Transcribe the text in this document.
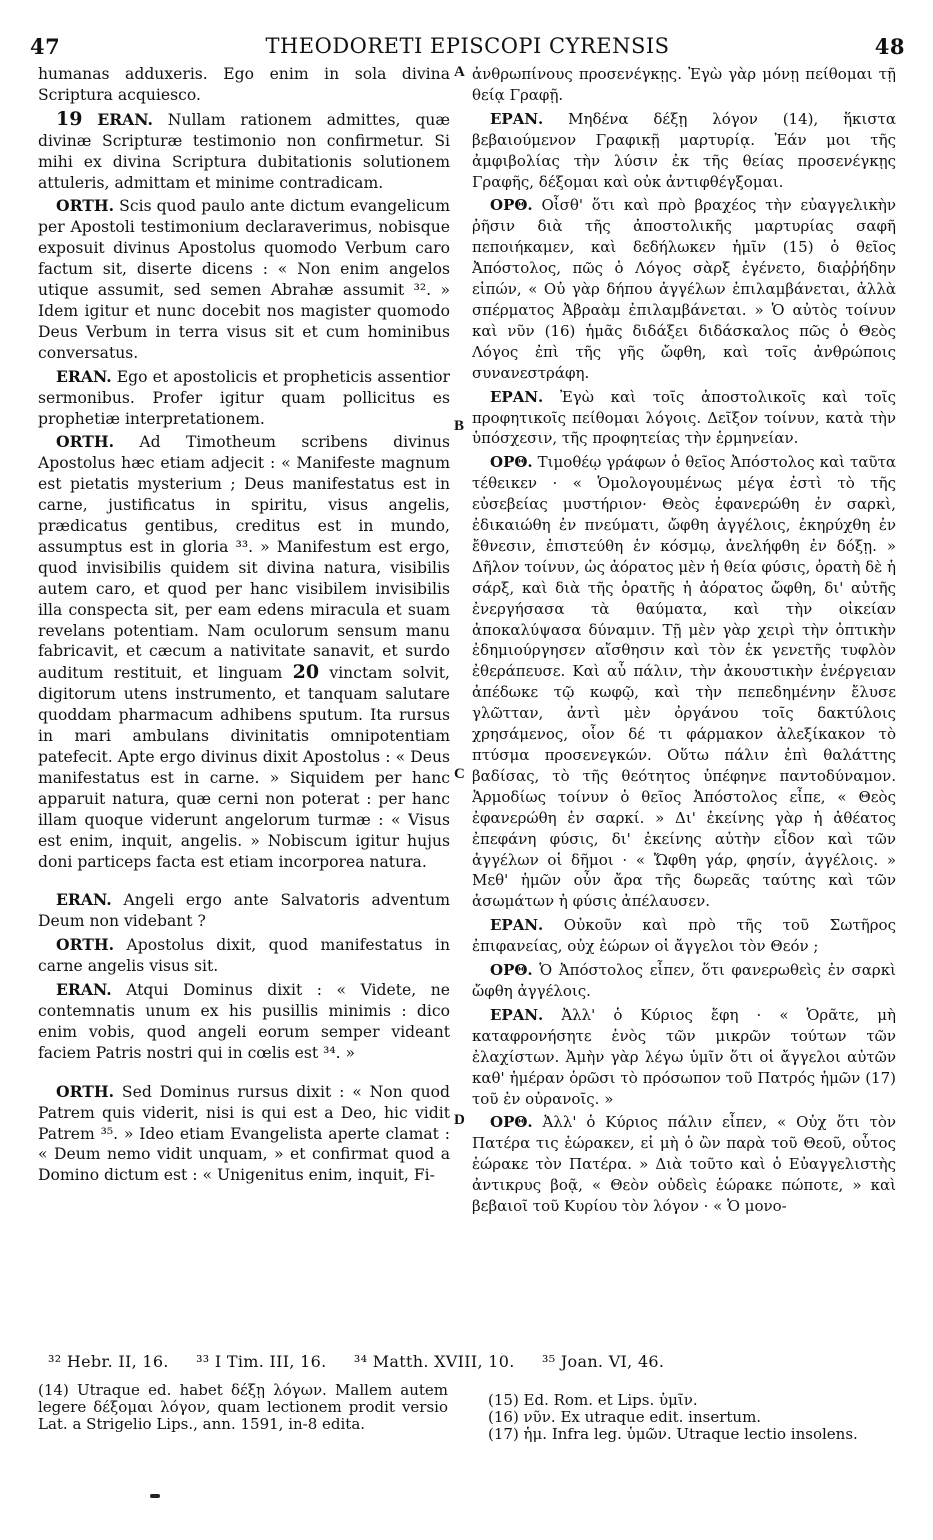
47	THEODORETI EPISCOPI CYRENSIS	48

humanas adduxeris. Ego enim in sola divina Scriptura acquiesco.

19 ERAN. Nullam rationem admittes, quæ divinæ Scripturæ testimonio non confirmetur. Si mihi ex divina Scriptura dubitationis solutionem attuleris, admittam et minime contradicam.

ORTH. Scis quod paulo ante dictum evangelicum per Apostoli testimonium declaraverimus, nobisque exposuit divinus Apostolus quomodo Verbum caro factum sit, diserte dicens : « Non enim angelos utique assumit, sed semen Abrahæ assumit ³². » Idem igitur et nunc docebit nos magister quomodo Deus Verbum in terra visus sit et cum hominibus conversatus.

ERAN. Ego et apostolicis et propheticis assentior sermonibus. Profer igitur quam pollicitus es prophetiæ interpretationem.

ORTH. Ad Timotheum scribens divinus Apostolus hæc etiam adjecit : « Manifeste magnum est pietatis mysterium ; Deus manifestatus est in carne, justificatus in spiritu, visus angelis, prædicatus gentibus, creditus est in mundo, assumptus est in gloria ³³. » Manifestum est ergo, quod invisibilis quidem sit divina natura, visibilis autem caro, et quod per hanc visibilem invisibilis illa conspecta sit, per eam edens miracula et suam revelans potentiam. Nam oculorum sensum manu fabricavit, et cæcum a nativitate sanavit, et surdo auditum restituit, et linguam 20 vinctam solvit, digitorum utens instrumento, et tanquam salutare quoddam pharmacum adhibens sputum. Ita rursus in mari ambulans divinitatis omnipotentiam patefecit. Apte ergo divinus dixit Apostolus : « Deus manifestatus est in carne. » Siquidem per hanc apparuit natura, quæ cerni non poterat : per hanc illam quoque viderunt angelorum turmæ : « Visus est enim, inquit, angelis. » Nobiscum igitur hujus doni particeps facta est etiam incorporea natura.

ERAN. Angeli ergo ante Salvatoris adventum Deum non videbant ?

ORTH. Apostolus dixit, quod manifestatus in carne angelis visus sit.

ERAN. Atqui Dominus dixit : « Videte, ne contemnatis unum ex his pusillis minimis : dico enim vobis, quod angeli eorum semper videant faciem Patris nostri qui in cœlis est ³⁴. »

ORTH. Sed Dominus rursus dixit : « Non quod Patrem quis viderit, nisi is qui est a Deo, hic vidit Patrem ³⁵. » Ideo etiam Evangelista aperte clamat : « Deum nemo vidit unquam, » et confirmat quod a Domino dictum est : « Unigenitus enim, inquit, Fi-

A
B
C
D

ἀνθρωπίνους προσενέγκῃς. Ἐγὼ γὰρ μόνῃ πείθομαι τῇ θείᾳ Γραφῇ.

ΕΡΑΝ. Μηδένα δέξῃ λόγον (14), ἥκιστα βεβαιούμενον Γραφικῇ μαρτυρίᾳ. Ἐάν μοι τῆς ἀμφιβολίας τὴν λύσιν ἐκ τῆς θείας προσενέγκῃς Γραφῆς, δέξομαι καὶ οὐκ ἀντιφθέγξομαι.

ΟΡΘ. Οἶσθ' ὅτι καὶ πρὸ βραχέος τὴν εὐαγγελικὴν ῥῆσιν διὰ τῆς ἀποστολικῆς μαρτυρίας σαφῆ πεποιήκαμεν, καὶ δεδήλωκεν ἡμῖν (15) ὁ θεῖος Ἀπόστολος, πῶς ὁ Λόγος σὰρξ ἐγένετο, διαῤῥήδην εἰπών, « Οὐ γὰρ δήπου ἀγγέλων ἐπιλαμβάνεται, ἀλλὰ σπέρματος Ἀβραὰμ ἐπιλαμβάνεται. » Ὁ αὐτὸς τοίνυν καὶ νῦν (16) ἡμᾶς διδάξει διδάσκαλος πῶς ὁ Θεὸς Λόγος ἐπὶ τῆς γῆς ὤφθη, καὶ τοῖς ἀνθρώποις συνανεστράφη.

ΕΡΑΝ. Ἐγὼ καὶ τοῖς ἀποστολικοῖς καὶ τοῖς προφητικοῖς πείθομαι λόγοις. Δεῖξον τοίνυν, κατὰ τὴν ὑπόσχεσιν, τῆς προφητείας τὴν ἑρμηνείαν.

ΟΡΘ. Τιμοθέῳ γράφων ὁ θεῖος Ἀπόστολος καὶ ταῦτα τέθεικεν · « Ὁμολογουμένως μέγα ἐστὶ τὸ τῆς εὐσεβείας μυστήριον· Θεὸς ἐφανερώθη ἐν σαρκὶ, ἐδικαιώθη ἐν πνεύματι, ὤφθη ἀγγέλοις, ἐκηρύχθη ἐν ἔθνεσιν, ἐπιστεύθη ἐν κόσμῳ, ἀνελήφθη ἐν δόξῃ. » Δῆλον τοίνυν, ὡς ἀόρατος μὲν ἡ θεία φύσις, ὁρατὴ δὲ ἡ σάρξ, καὶ διὰ τῆς ὁρατῆς ἡ ἀόρατος ὤφθη, δι' αὐτῆς ἐνεργήσασα τὰ θαύματα, καὶ τὴν οἰκείαν ἀποκαλύψασα δύναμιν. Τῇ μὲν γὰρ χειρὶ τὴν ὀπτικὴν ἐδημιούργησεν αἴσθησιν καὶ τὸν ἐκ γενετῆς τυφλὸν ἐθεράπευσε. Καὶ αὖ πάλιν, τὴν ἀκουστικὴν ἐνέργειαν ἀπέδωκε τῷ κωφῷ, καὶ τὴν πεπεδημένην ἔλυσε γλῶτταν, ἀντὶ μὲν ὀργάνου τοῖς δακτύλοις χρησάμενος, οἷον δέ τι φάρμακον ἀλεξίκακον τὸ πτύσμα προσενεγκών. Οὕτω πάλιν ἐπὶ θαλάττης βαδίσας, τὸ τῆς θεότητος ὑπέφηνε παντοδύναμον. Ἁρμοδίως τοίνυν ὁ θεῖος Ἀπόστολος εἶπε, « Θεὸς ἐφανερώθη ἐν σαρκί. » Δι' ἐκείνης γὰρ ἡ ἀθέατος ἐπεφάνη φύσις, δι' ἐκείνης αὐτὴν εἶδον καὶ τῶν ἀγγέλων οἱ δῆμοι · « Ὤφθη γάρ, φησίν, ἀγγέλοις. » Μεθ' ἡμῶν οὖν ἄρα τῆς δωρεᾶς ταύτης καὶ τῶν ἀσωμάτων ἡ φύσις ἀπέλαυσεν.

ΕΡΑΝ. Οὐκοῦν καὶ πρὸ τῆς τοῦ Σωτῆρος ἐπιφανείας, οὐχ ἑώρων οἱ ἄγγελοι τὸν Θεόν ;

ΟΡΘ. Ὁ Ἀπόστολος εἶπεν, ὅτι φανερωθεὶς ἐν σαρκὶ ὤφθη ἀγγέλοις.

ΕΡΑΝ. Ἀλλ' ὁ Κύριος ἔφη · « Ὁρᾶτε, μὴ καταφρονήσητε ἑνὸς τῶν μικρῶν τούτων τῶν ἐλαχίστων. Ἀμὴν γὰρ λέγω ὑμῖν ὅτι οἱ ἄγγελοι αὐτῶν καθ' ἡμέραν ὁρῶσι τὸ πρόσωπον τοῦ Πατρός ἡμῶν (17) τοῦ ἐν οὐρανοῖς. »

ΟΡΘ. Ἀλλ' ὁ Κύριος πάλιν εἶπεν, « Οὐχ ὅτι τὸν Πατέρα τις ἑώρακεν, εἰ μὴ ὁ ὢν παρὰ τοῦ Θεοῦ, οὗτος ἑώρακε τὸν Πατέρα. » Διὰ τοῦτο καὶ ὁ Εὐαγγελιστὴς ἀντικρυς βοᾷ, « Θεὸν οὐδεὶς ἑώρακε πώποτε, » καὶ βεβαιοῖ τοῦ Κυρίου τὸν λόγον · « Ὁ μονο-

³² Hebr. II, 16. ³³ I Tim. III, 16. ³⁴ Matth. XVIII, 10. ³⁵ Joan. VI, 46.
(14) Utraque ed. habet δέξῃ λόγων. Mallem autem legere δέξομαι λόγον, quam lectionem prodit versio Lat. a Strigelio Lips., ann. 1591, in-8 edita.
(15) Ed. Rom. et Lips. ὑμῖν.
(16) νῦν. Ex utraque edit. insertum.
(17) ἡμ. Infra leg. ὑμῶν. Utraque lectio insolens.
